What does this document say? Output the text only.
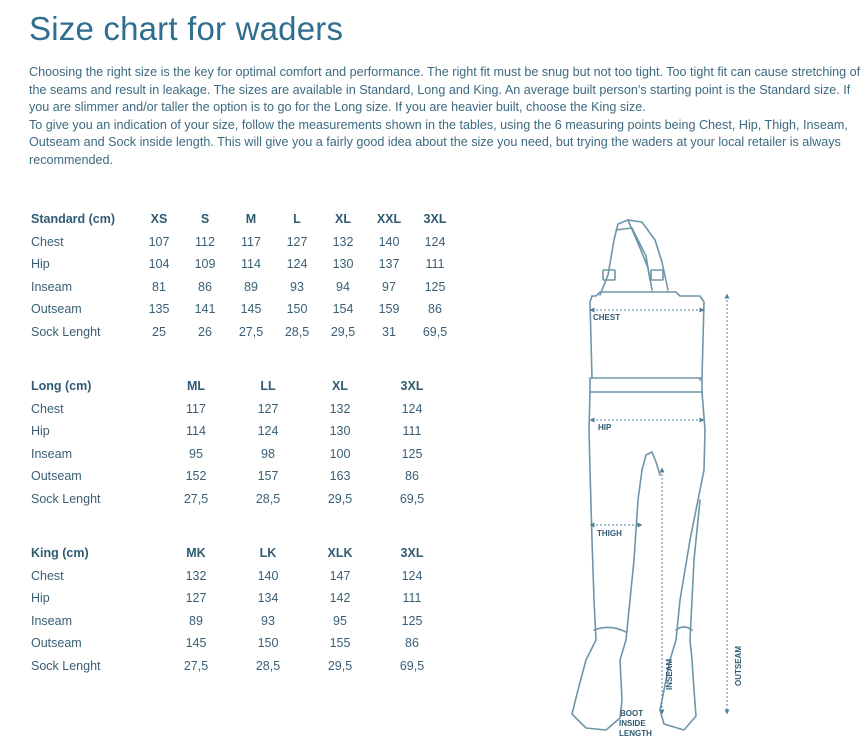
Size chart for waders

Choosing the right size is the key for optimal comfort and performance. The right fit must be snug but not too tight. Too tight fit can cause stretching of the seams and result in leakage. The sizes are available in Standard, Long and King. An average built person's starting point is the Standard size. If you are slimmer and/or taller the option is to go for the Long size. If you are heavier built, choose the King size.

To give you an indication of your size, follow the measurements shown in the tables, using the 6 measuring points being Chest, Hip, Thigh, Inseam, Outseam and Sock inside length. This will give you a fairly good idea about the size you need, but trying the waders at your local retailer is always recommended.

Standard (cm)	XS	S	M	L	XL	XXL	3XL
Chest	107	112	117	127	132	140	124
Hip	104	109	114	124	130	137	111
Inseam	81	86	89	93	94	97	125
Outseam	135	141	145	150	154	159	86
Sock Lenght	25	26	27,5	28,5	29,5	31	69,5
Long (cm)	ML	LL	XL	3XL
Chest	117	127	132	124
Hip	114	124	130	111
Inseam	95	98	100	125
Outseam	152	157	163	86
Sock Lenght	27,5	28,5	29,5	69,5
King (cm)	MK	LK	XLK	3XL
Chest	132	140	147	124
Hip	127	134	142	111
Inseam	89	93	95	125
Outseam	145	150	155	86
Sock Lenght	27,5	28,5	29,5	69,5
CHEST
HIP
THIGH
INSEAM	OUTSEAM
BOOT
INSIDE
LENGTH
